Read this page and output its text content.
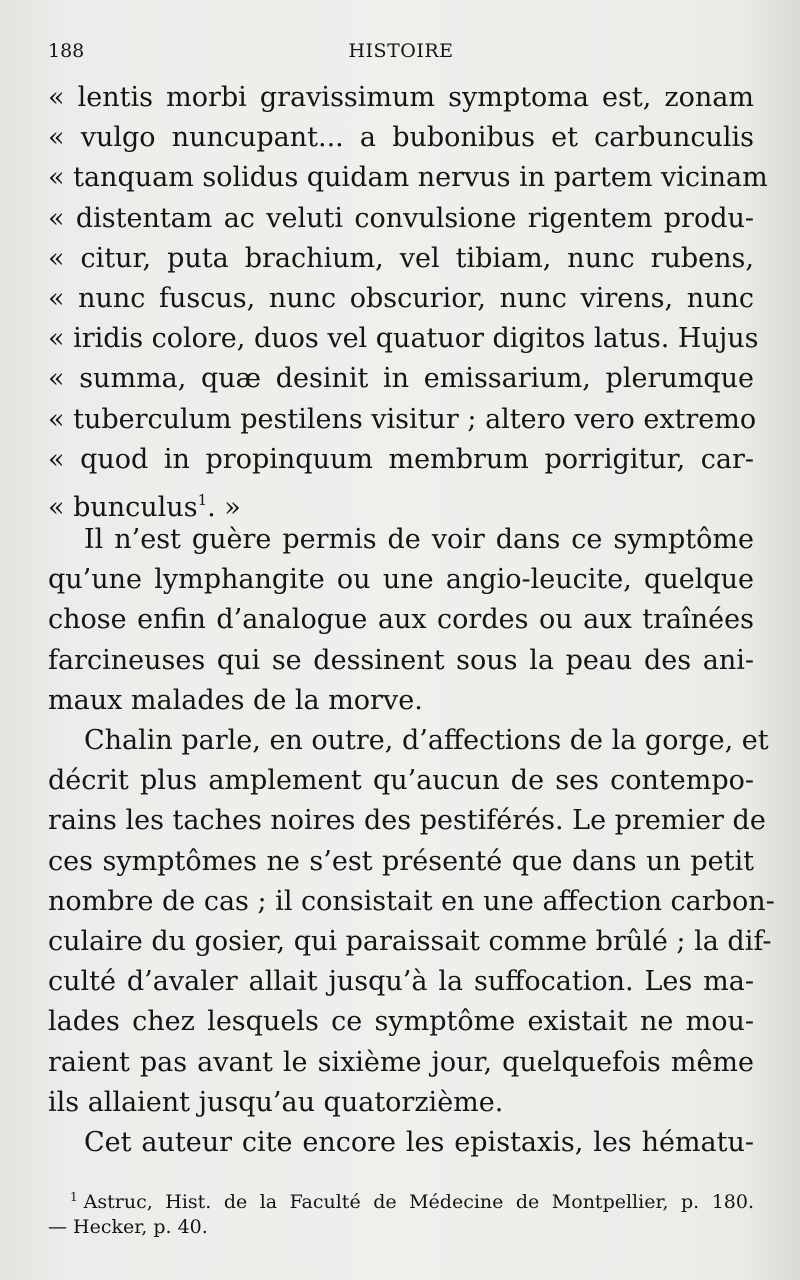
188	HISTOIRE
« lentis morbi gravissimum symptoma est, zonam
« vulgo nuncupant... a bubonibus et carbunculis
« tanquam solidus quidam nervus in partem vicinam
« distentam ac veluti convulsione rigentem produ-
« citur, puta brachium, vel tibiam, nunc rubens,
« nunc fuscus, nunc obscurior, nunc virens, nunc
« iridis colore, duos vel quatuor digitos latus. Hujus
« summa, quæ desinit in emissarium, plerumque
« tuberculum pestilens visitur ; altero vero extremo
« quod in propinquum membrum porrigitur, car-
« bunculus$^1$. »
Il n’est guère permis de voir dans ce symptôme
qu’une lymphangite ou une angio-leucite, quelque
chose enfin d’analogue aux cordes ou aux traînées
farcineuses qui se dessinent sous la peau des ani-
maux malades de la morve.
Chalin parle, en outre, d’affections de la gorge, et
décrit plus amplement qu’aucun de ses contempo-
rains les taches noires des pestiférés. Le premier de
ces symptômes ne s’est présenté que dans un petit
nombre de cas ; il consistait en une affection carbon-
culaire du gosier, qui paraissait comme brûlé ; la dif-
culté d’avaler allait jusqu’à la suffocation. Les ma-
lades chez lesquels ce symptôme existait ne mou-
raient pas avant le sixième jour, quelquefois même
ils allaient jusqu’au quatorzième.
Cet auteur cite encore les epistaxis, les hématu-
$^1$ Astruc, Hist. de la Faculté de Médecine de Montpellier, p. 180.
— Hecker, p. 40.
